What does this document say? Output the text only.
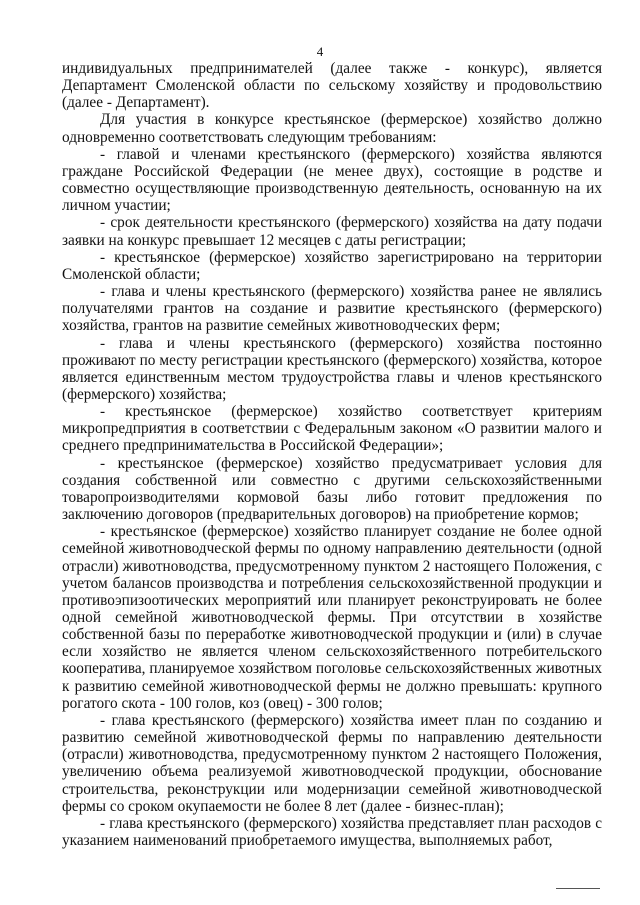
4

индивидуальных предпринимателей (далее также - конкурс), является Департамент Смоленской области по сельскому хозяйству и продовольствию (далее - Департамент).

Для участия в конкурсе крестьянское (фермерское) хозяйство должно одновременно соответствовать следующим требованиям:

- главой и членами крестьянского (фермерского) хозяйства являются граждане Российской Федерации (не менее двух), состоящие в родстве и совместно осуществляющие производственную деятельность, основанную на их личном участии;

- срок деятельности крестьянского (фермерского) хозяйства на дату подачи заявки на конкурс превышает 12 месяцев с даты регистрации;

- крестьянское (фермерское) хозяйство зарегистрировано на территории Смоленской области;

- глава и члены крестьянского (фермерского) хозяйства ранее не являлись получателями грантов на создание и развитие крестьянского (фермерского) хозяйства, грантов на развитие семейных животноводческих ферм;

- глава и члены крестьянского (фермерского) хозяйства постоянно проживают по месту регистрации крестьянского (фермерского) хозяйства, которое является единственным местом трудоустройства главы и членов крестьянского (фермерского) хозяйства;

- крестьянское (фермерское) хозяйство соответствует критериям микропредприятия в соответствии с Федеральным законом «О развитии малого и среднего предпринимательства в Российской Федерации»;

- крестьянское (фермерское) хозяйство предусматривает условия для создания собственной или совместно с другими сельскохозяйственными товаропроизводителями кормовой базы либо готовит предложения по заключению договоров (предварительных договоров) на приобретение кормов;

- крестьянское (фермерское) хозяйство планирует создание не более одной семейной животноводческой фермы по одному направлению деятельности (одной отрасли) животноводства, предусмотренному пунктом 2 настоящего Положения, с учетом балансов производства и потребления сельскохозяйственной продукции и противоэпизоотических мероприятий или планирует реконструировать не более одной семейной животноводческой фермы. При отсутствии в хозяйстве собственной базы по переработке животноводческой продукции и (или) в случае если хозяйство не является членом сельскохозяйственного потребительского кооператива, планируемое хозяйством поголовье сельскохозяйственных животных к развитию семейной животноводческой фермы не должно превышать: крупного рогатого скота - 100 голов, коз (овец) - 300 голов;

- глава крестьянского (фермерского) хозяйства имеет план по созданию и развитию семейной животноводческой фермы по направлению деятельности (отрасли) животноводства, предусмотренному пунктом 2 настоящего Положения, увеличению объема реализуемой животноводческой продукции, обоснование строительства, реконструкции или модернизации семейной животноводческой фермы со сроком окупаемости не более 8 лет (далее - бизнес-план);

- глава крестьянского (фермерского) хозяйства представляет план расходов с указанием наименований приобретаемого имущества, выполняемых работ,
